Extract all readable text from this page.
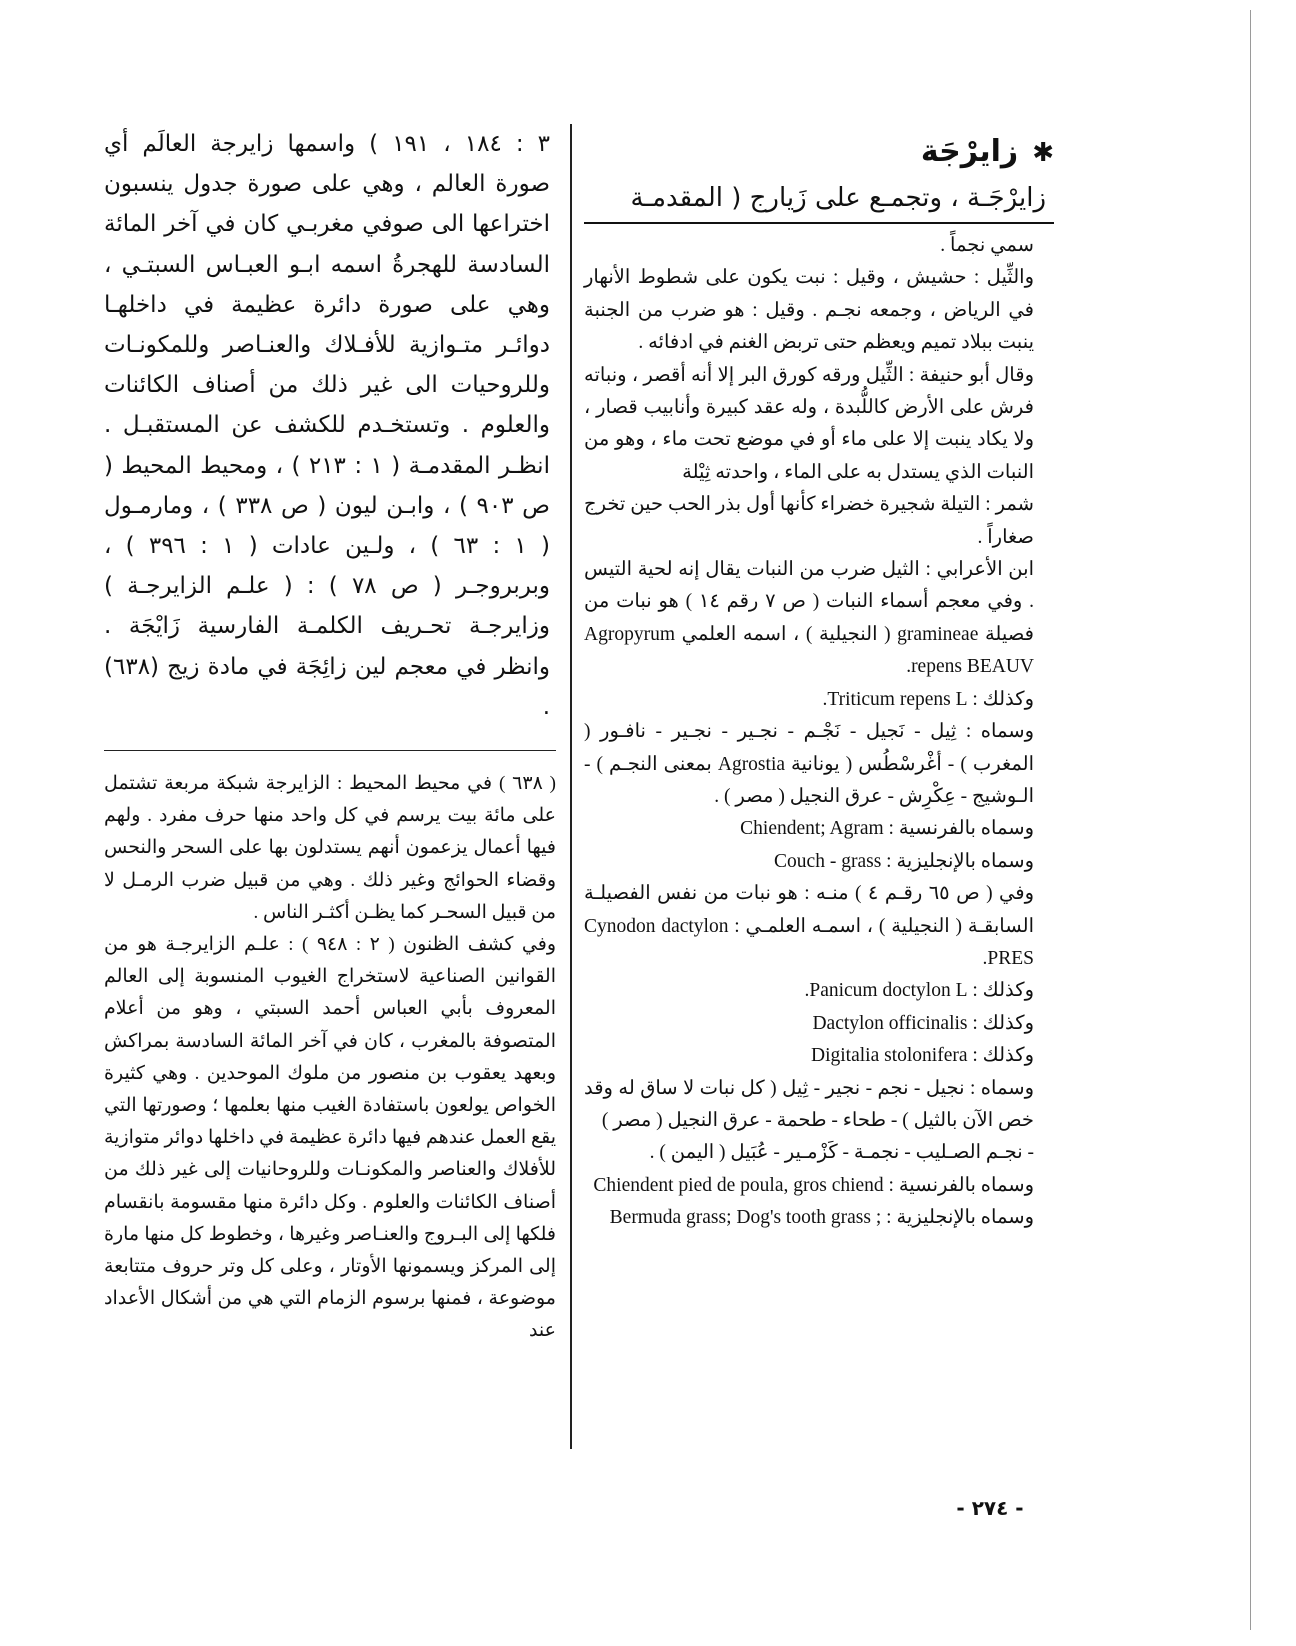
✱زايرْجَة
زايرْجَـة ، وتجمـع على زَيارج ( المقدمـة

سمي نجماً .

والثِّيل : حشيش ، وقيل : نبت يكون على شطوط الأنهار في الرياض ، وجمعه نجـم . وقيل : هو ضرب من الجنبة ينبت ببلاد تميم ويعظم حتى تربض الغنم في ادفائه .

وقال أبو حنيفة : الثِّيل ورقه كورق البر إلا أنه أقصر ، ونباته فرش على الأرض كاللُّبدة ، وله عقد كبيرة وأنابيب قصار ، ولا يكاد ينبت إلا على ماء أو في موضع تحت ماء ، وهو من النبات الذي يستدل به على الماء ، واحدته ثِيْلة

شمر : التيلة شجيرة خضراء كأنها أول بذر الحب حين تخرج صغاراً .

ابن الأعرابي : الثيل ضرب من النبات يقال إنه لحية التيس . وفي معجم أسماء النبات ( ص ٧ رقم ١٤ ) هو نبات من فصيلة gramineae ( النجيلية ) ، اسمه العلمي Agropyrum repens BEAUV.

وكذلك : Triticum repens L.

وسماه : ثِيل - نَجيل - نَجْـم - نجـير - نجـير - نافـور ( المغرب ) - أغْرسْطُس ( يونانية Agrostia بمعنى النجـم ) - الـوشيج - عِكْرِش - عرق النجيل ( مصر ) .

وسماه بالفرنسية : Chiendent; Agram

وسماه بالإنجليزية : Couch - grass

وفي ( ص ٦٥ رقـم ٤ ) منـه : هو نبات من نفس الفصيلـة السابقـة ( النجيلية ) ، اسمـه العلمـي : Cynodon dactylon PRES.

وكذلك : Panicum doctylon L.

وكذلك : Dactylon officinalis

وكذلك : Digitalia stolonifera

وسماه : نجيل - نجم - نجير - ثِيل ( كل نبات لا ساق له وقد خص الآن بالثيل ) - طحاء - طحمة - عرق النجيل ( مصر )

- نجـم الصـليب - نجمـة - كَزْمـير - عُبَيل ( اليمن ) .

وسماه بالفرنسية : Chiendent pied de poula, gros chiend

وسماه بالإنجليزية : ; Bermuda grass; Dog's tooth grass

٣ : ١٨٤ ، ١٩١ ) واسمها زايرجة العالَم أي صورة العالم ، وهي على صورة جدول ينسبون اختراعها الى صوفي مغربـي كان في آخر المائة السادسة للهجرةُ اسمه ابـو العبـاس السبتـي ، وهي على صورة دائرة عظيمة في داخلهـا دوائـر متـوازية للأفـلاك والعنـاصر وللمكونـات وللروحيات الى غير ذلك من أصناف الكائنات والعلوم . وتستخـدم للكشف عن المستقبـل . انظـر المقدمـة ( ١ : ٢١٣ ) ، ومحيط المحيط ( ص ٩٠٣ ) ، وابـن ليون ( ص ٣٣٨ ) ، ومارمـول ( ١ : ٦٣ ) ، ولـين عادات ( ١ : ٣٩٦ ) ، وبربروجـر ( ص ٧٨ ) : ( علـم الزايرجـة ) وزايرجـة تحـريف الكلمـة الفارسية زَايْجَة . وانظر في معجم لين زائِجَة في مادة زيج (٦٣٨) .

( ٦٣٨ ) في محيط المحيط : الزايرجة شبكة مربعة تشتمل على مائة بيت يرسم في كل واحد منها حرف مفرد . ولهم فيها أعمال يزعمون أنهم يستدلون بها على السحر والنحس وقضاء الحوائج وغير ذلك . وهي من قبيل ضرب الرمـل لا من قبيل السحـر كما يظـن أكثـر الناس .

وفي كشف الظنون ( ٢ : ٩٤٨ ) : علـم الزايرجـة هو من القوانين الصناعية لاستخراج الغيوب المنسوبة إلى العالم المعروف بأبي العباس أحمد السبتي ، وهو من أعلام المتصوفة بالمغرب ، كان في آخر المائة السادسة بمراكش وبعهد يعقوب بن منصور من ملوك الموحدين . وهي كثيرة الخواص يولعون باستفادة الغيب منها بعلمها ؛ وصورتها التي يقع العمل عندهم فيها دائرة عظيمة في داخلها دوائر متوازية للأفلاك والعناصر والمكونـات وللروحانيات إلى غير ذلك من أصناف الكائنات والعلوم . وكل دائرة منها مقسومة بانقسام فلكها إلى البـروج والعنـاصر وغيرها ، وخطوط كل منها مارة إلى المركز ويسمونها الأوتار ، وعلى كل وتر حروف متتابعة موضوعة ، فمنها برسوم الزمام التي هي من أشكال الأعداد عند

- ٢٧٤ -
